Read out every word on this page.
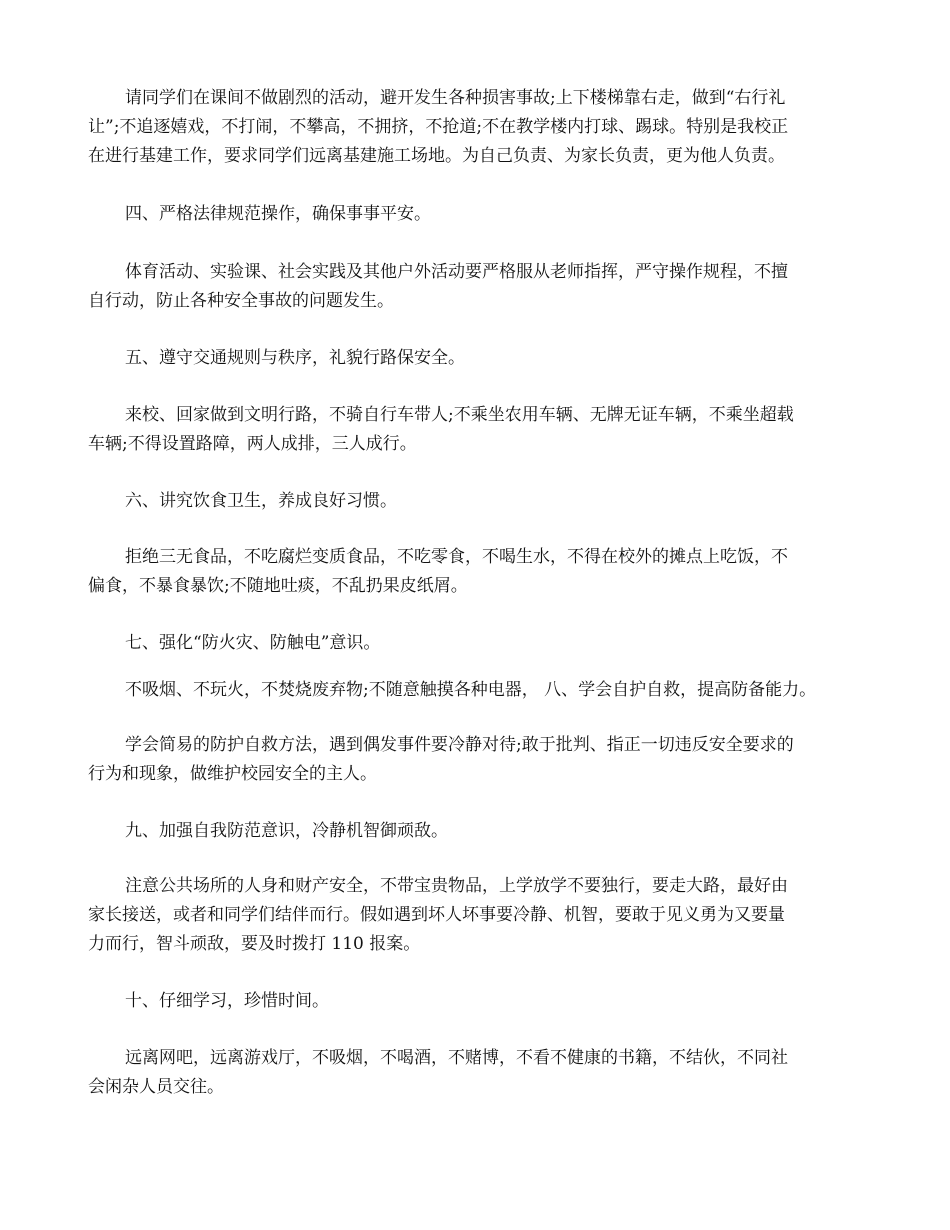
请同学们在课间不做剧烈的活动，避开发生各种损害事故;上下楼梯靠右走，做到“右行礼
让”;不追逐嬉戏，不打闹，不攀高，不拥挤，不抢道;不在教学楼内打球、踢球。特别是我校正
在进行基建工作，要求同学们远离基建施工场地。为自己负责、为家长负责，更为他人负责。

四、严格法律规范操作，确保事事平安。

体育活动、实验课、社会实践及其他户外活动要严格服从老师指挥，严守操作规程，不擅
自行动，防止各种安全事故的问题发生。

五、遵守交通规则与秩序，礼貌行路保安全。

来校、回家做到文明行路，不骑自行车带人;不乘坐农用车辆、无牌无证车辆，不乘坐超载
车辆;不得设置路障，两人成排，三人成行。

六、讲究饮食卫生，养成良好习惯。

拒绝三无食品，不吃腐烂变质食品，不吃零食，不喝生水，不得在校外的摊点上吃饭，不
偏食，不暴食暴饮;不随地吐痰，不乱扔果皮纸屑。

七、强化“防火灾、防触电”意识。

不吸烟、不玩火，不焚烧废弃物;不随意触摸各种电器， 八、学会自护自救，提高防备能力。

学会简易的防护自救方法，遇到偶发事件要冷静对待;敢于批判、指正一切违反安全要求的
行为和现象，做维护校园安全的主人。

九、加强自我防范意识，冷静机智御顽敌。

注意公共场所的人身和财产安全，不带宝贵物品，上学放学不要独行，要走大路，最好由
家长接送，或者和同学们结伴而行。假如遇到坏人坏事要冷静、机智，要敢于见义勇为又要量
力而行，智斗顽敌，要及时拨打 110 报案。

十、仔细学习，珍惜时间。

远离网吧，远离游戏厅，不吸烟，不喝酒，不赌博，不看不健康的书籍，不结伙，不同社
会闲杂人员交往。
